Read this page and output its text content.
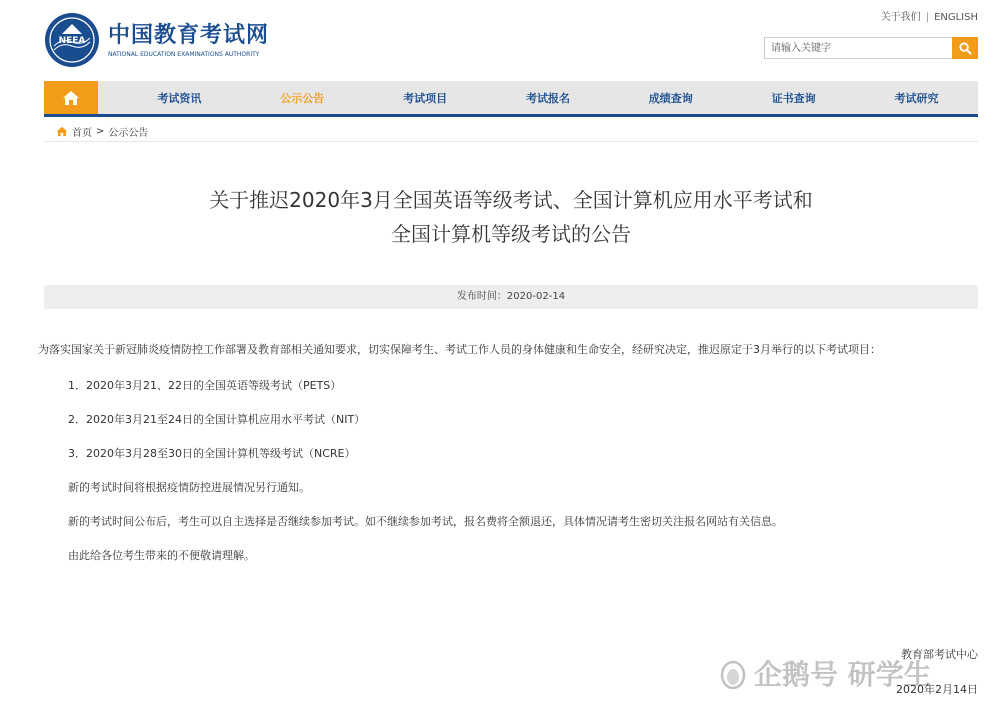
关于我们 | ENGLISH
NEEA 中国教育考试网
NATIONAL EDUCATION EXAMINATIONS AUTHORITY
请输入关键字
考试资讯	公示公告	考试项目	考试报名	成绩查询	证书查询	考试研究
首页 > 公示公告
关于推迟2020年3月全国英语等级考试、全国计算机应用水平考试和
全国计算机等级考试的公告
发布时间：2020-02-14

为落实国家关于新冠肺炎疫情防控工作部署及教育部相关通知要求，切实保障考生、考试工作人员的身体健康和生命安全，经研究决定，推迟原定于3月举行的以下考试项目：

1．2020年3月21、22日的全国英语等级考试（PETS）

2．2020年3月21至24日的全国计算机应用水平考试（NIT）

3．2020年3月28至30日的全国计算机等级考试（NCRE）

新的考试时间将根据疫情防控进展情况另行通知。

新的考试时间公布后，考生可以自主选择是否继续参加考试。如不继续参加考试，报名费将全额退还，具体情况请考生密切关注报名网站有关信息。

由此给各位考生带来的不便敬请理解。

企鹅号 研学生
教育部考试中心
2020年2月14日
